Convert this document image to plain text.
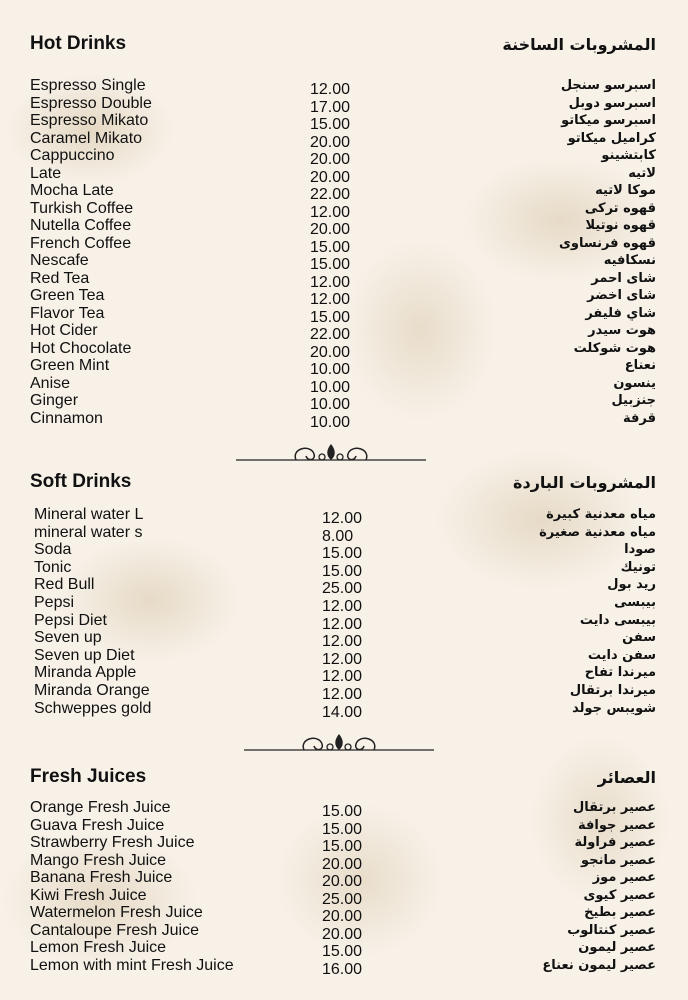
Hot Drinks	المشروبات الساخنة
Espresso Single	12.00	اسبرسو سنجل
Espresso Double	17.00	اسبرسو دوبل
Espresso Mikato	15.00	اسبرسو ميكاتو
Caramel Mikato	20.00	كراميل ميكاتو
Cappuccino	20.00	كابتشينو
Late	20.00	لاتيه
Mocha Late	22.00	موكا لاتيه
Turkish Coffee	12.00	قهوه تركى
Nutella Coffee	20.00	قهوه نوتيلا
French Coffee	15.00	قهوه فرنساوى
Nescafe	15.00	نسكافيه
Red Tea	12.00	شاى احمر
Green Tea	12.00	شاى اخضر
Flavor Tea	15.00	شاي فليفر
Hot Cider	22.00	هوت سيدر
Hot Chocolate	20.00	هوت شوكلت
Green Mint	10.00	نعناع
Anise	10.00	ينسون
Ginger	10.00	جنزبيل
Cinnamon	10.00	قرفة
Soft Drinks	المشروبات الباردة
Mineral water L	12.00	مياه معدنية كبيرة
mineral water s	8.00	مياه معدنية صغيرة
Soda	15.00	صودا
Tonic	15.00	تونيك
Red Bull	25.00	ريد بول
Pepsi	12.00	بيبسى
Pepsi Diet	12.00	بيبسى دايت
Seven up	12.00	سفن
Seven up Diet	12.00	سفن دايت
Miranda Apple	12.00	ميرندا تفاح
Miranda Orange	12.00	ميرندا برتقال
Schweppes gold	14.00	شويبس جولد
Fresh Juices	العصائر
Orange Fresh Juice	15.00	عصير برتقال
Guava Fresh Juice	15.00	عصير جوافة
Strawberry Fresh Juice	15.00	عصير فراولة
Mango Fresh Juice	20.00	عصير مانجو
Banana Fresh Juice	20.00	عصير موز
Kiwi Fresh Juice	25.00	عصير كيوى
Watermelon Fresh Juice	20.00	عصير بطيخ
Cantaloupe Fresh Juice	20.00	عصير كنتالوب
Lemon Fresh Juice	15.00	عصير ليمون
Lemon with mint Fresh Juice	16.00	عصير ليمون نعناع
